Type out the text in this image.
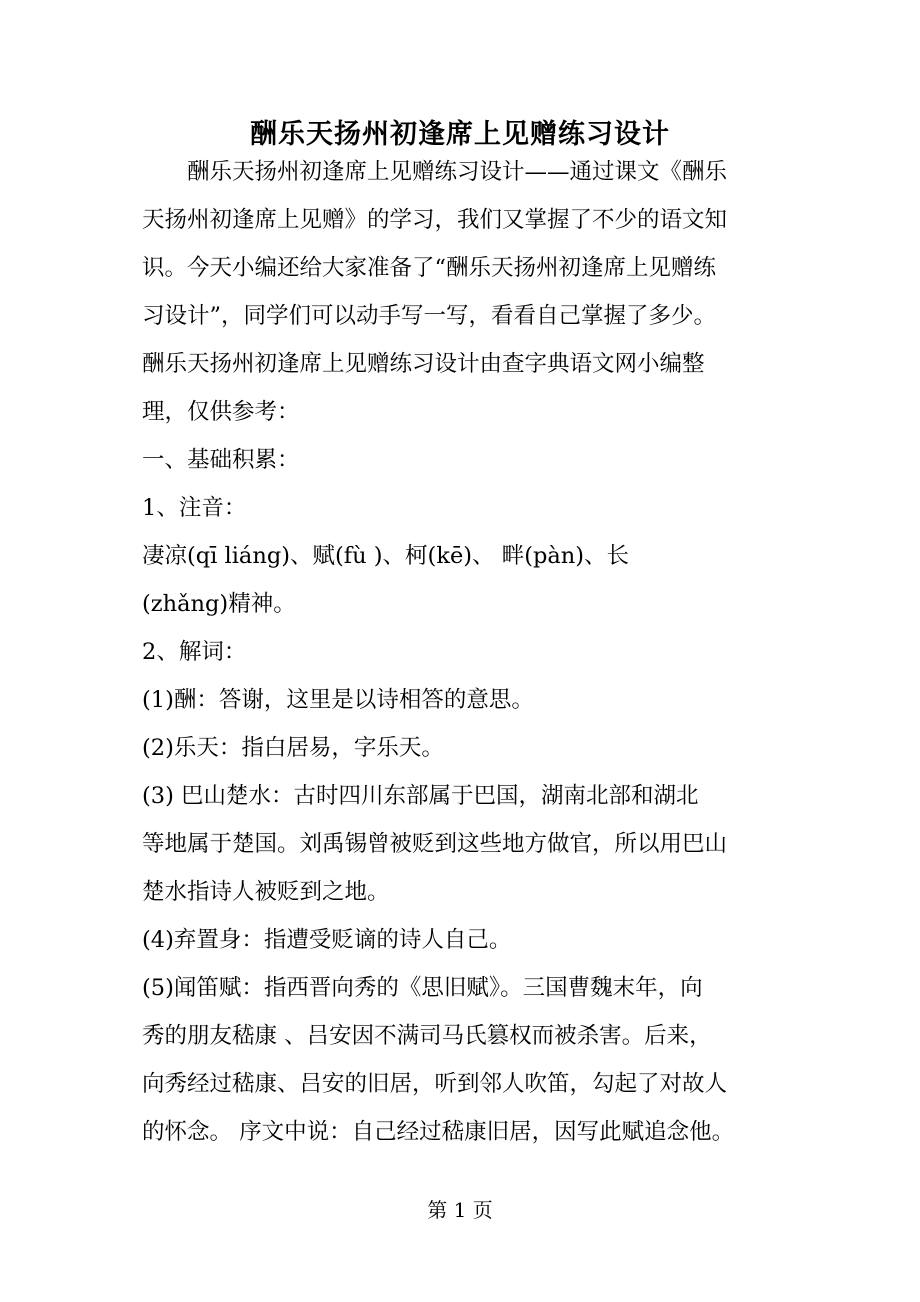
酬乐天扬州初逢席上见赠练习设计
　　酬乐天扬州初逢席上见赠练习设计——通过课文《酬乐
天扬州初逢席上见赠》的学习，我们又掌握了不少的语文知
识。今天小编还给大家准备了“酬乐天扬州初逢席上见赠练
习设计”，同学们可以动手写一写，看看自己掌握了多少。
酬乐天扬州初逢席上见赠练习设计由查字典语文网小编整
理，仅供参考：
一、基础积累：
1、注音：
凄凉(qī liáng)、赋(fù )、柯(kē)、 畔(pàn)、长
(zhǎng)精神。
2、解词：
(1)酬：答谢，这里是以诗相答的意思。
(2)乐天：指白居易，字乐天。
(3) 巴山楚水：古时四川东部属于巴国，湖南北部和湖北
等地属于楚国。刘禹锡曾被贬到这些地方做官，所以用巴山
楚水指诗人被贬到之地。
(4)弃置身：指遭受贬谪的诗人自己。
(5)闻笛赋：指西晋向秀的《思旧赋》。三国曹魏末年，向
秀的朋友嵇康 、吕安因不满司马氏篡权而被杀害。后来，
向秀经过嵇康、吕安的旧居，听到邻人吹笛，勾起了对故人
的怀念。 序文中说：自己经过嵇康旧居，因写此赋追念他。
第 1 页
